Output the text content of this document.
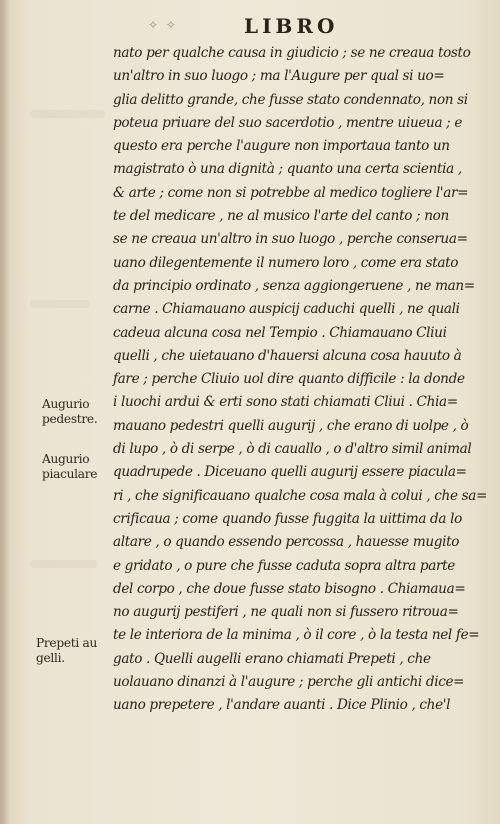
✧ ✧	LIBRO
Augurio
pedestre.
Augurio
piaculare
Prepeti au
gelli.
nato per qualche causa in giudicio ; se ne creaua tosto
un'altro in suo luogo ; ma l'Augure per qual si uo=
glia delitto grande, che fusse stato condennato, non si
poteua priuare del suo sacerdotio , mentre uiueua ; e
questo era perche l'augure non importaua tanto un
magistrato ò una dignità ; quanto una certa scientia ,
& arte ; come non si potrebbe al medico togliere l'ar=
te del medicare , ne al musico l'arte del canto ; non
se ne creaua un'altro in suo luogo , perche conserua=
uano dilegentemente il numero loro , come era stato
da principio ordinato , senza aggiongeruene , ne man=
carne . Chiamauano auspicij caduchi quelli , ne quali
cadeua alcuna cosa nel Tempio . Chiamauano Cliui
quelli , che uietauano d'hauersi alcuna cosa hauuto à
fare ; perche Cliuio uol dire quanto difficile : la donde
i luochi ardui & erti sono stati chiamati Cliui . Chia=
mauano pedestri quelli augurij , che erano di uolpe , ò
di lupo , ò di serpe , ò di cauallo , o d'altro simil animal
quadrupede . Diceuano quelli augurij essere piacula=
ri , che significauano qualche cosa mala à colui , che sa=
crificaua ; come quando fusse fuggita la uittima da lo
altare , o quando essendo percossa , hauesse mugito
e gridato , o pure che fusse caduta sopra altra parte
del corpo , che doue fusse stato bisogno . Chiamaua=
no augurij pestiferi , ne quali non si fussero ritroua=
te le interiora de la minima , ò il core , ò la testa nel fe=
gato . Quelli augelli erano chiamati Prepeti , che
uolauano dinanzi à l'augure ; perche gli antichi dice=
uano prepetere , l'andare auanti . Dice Plinio , che'l
